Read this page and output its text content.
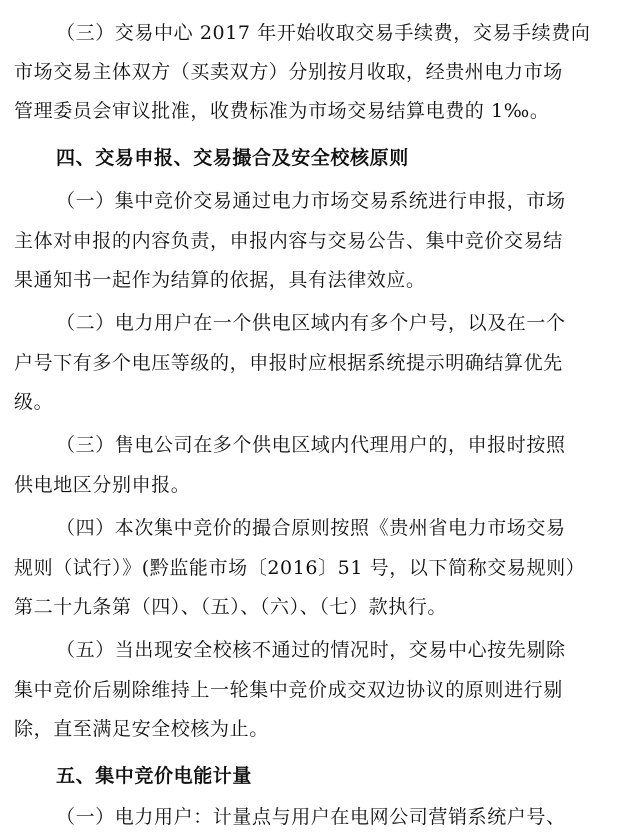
（三）交易中心 2017 年开始收取交易手续费，交易手续费向
市场交易主体双方（买卖双方）分别按月收取，经贵州电力市场
管理委员会审议批准，收费标准为市场交易结算电费的 1‰。
四、交易申报、交易撮合及安全校核原则
（一）集中竞价交易通过电力市场交易系统进行申报，市场
主体对申报的内容负责，申报内容与交易公告、集中竞价交易结
果通知书一起作为结算的依据，具有法律效应。
（二）电力用户在一个供电区域内有多个户号，以及在一个
户号下有多个电压等级的，申报时应根据系统提示明确结算优先
级。
（三）售电公司在多个供电区域内代理用户的，申报时按照
供电地区分别申报。
（四）本次集中竞价的撮合原则按照《贵州省电力市场交易
规则（试行）》(黔监能市场〔2016〕51 号，以下简称交易规则）
第二十九条第（四）、（五）、（六）、（七）款执行。
（五）当出现安全校核不通过的情况时，交易中心按先剔除
集中竞价后剔除维持上一轮集中竞价成交双边协议的原则进行剔
除，直至满足安全校核为止。
五、集中竞价电能计量
（一）电力用户：计量点与用户在电网公司营销系统户号、
